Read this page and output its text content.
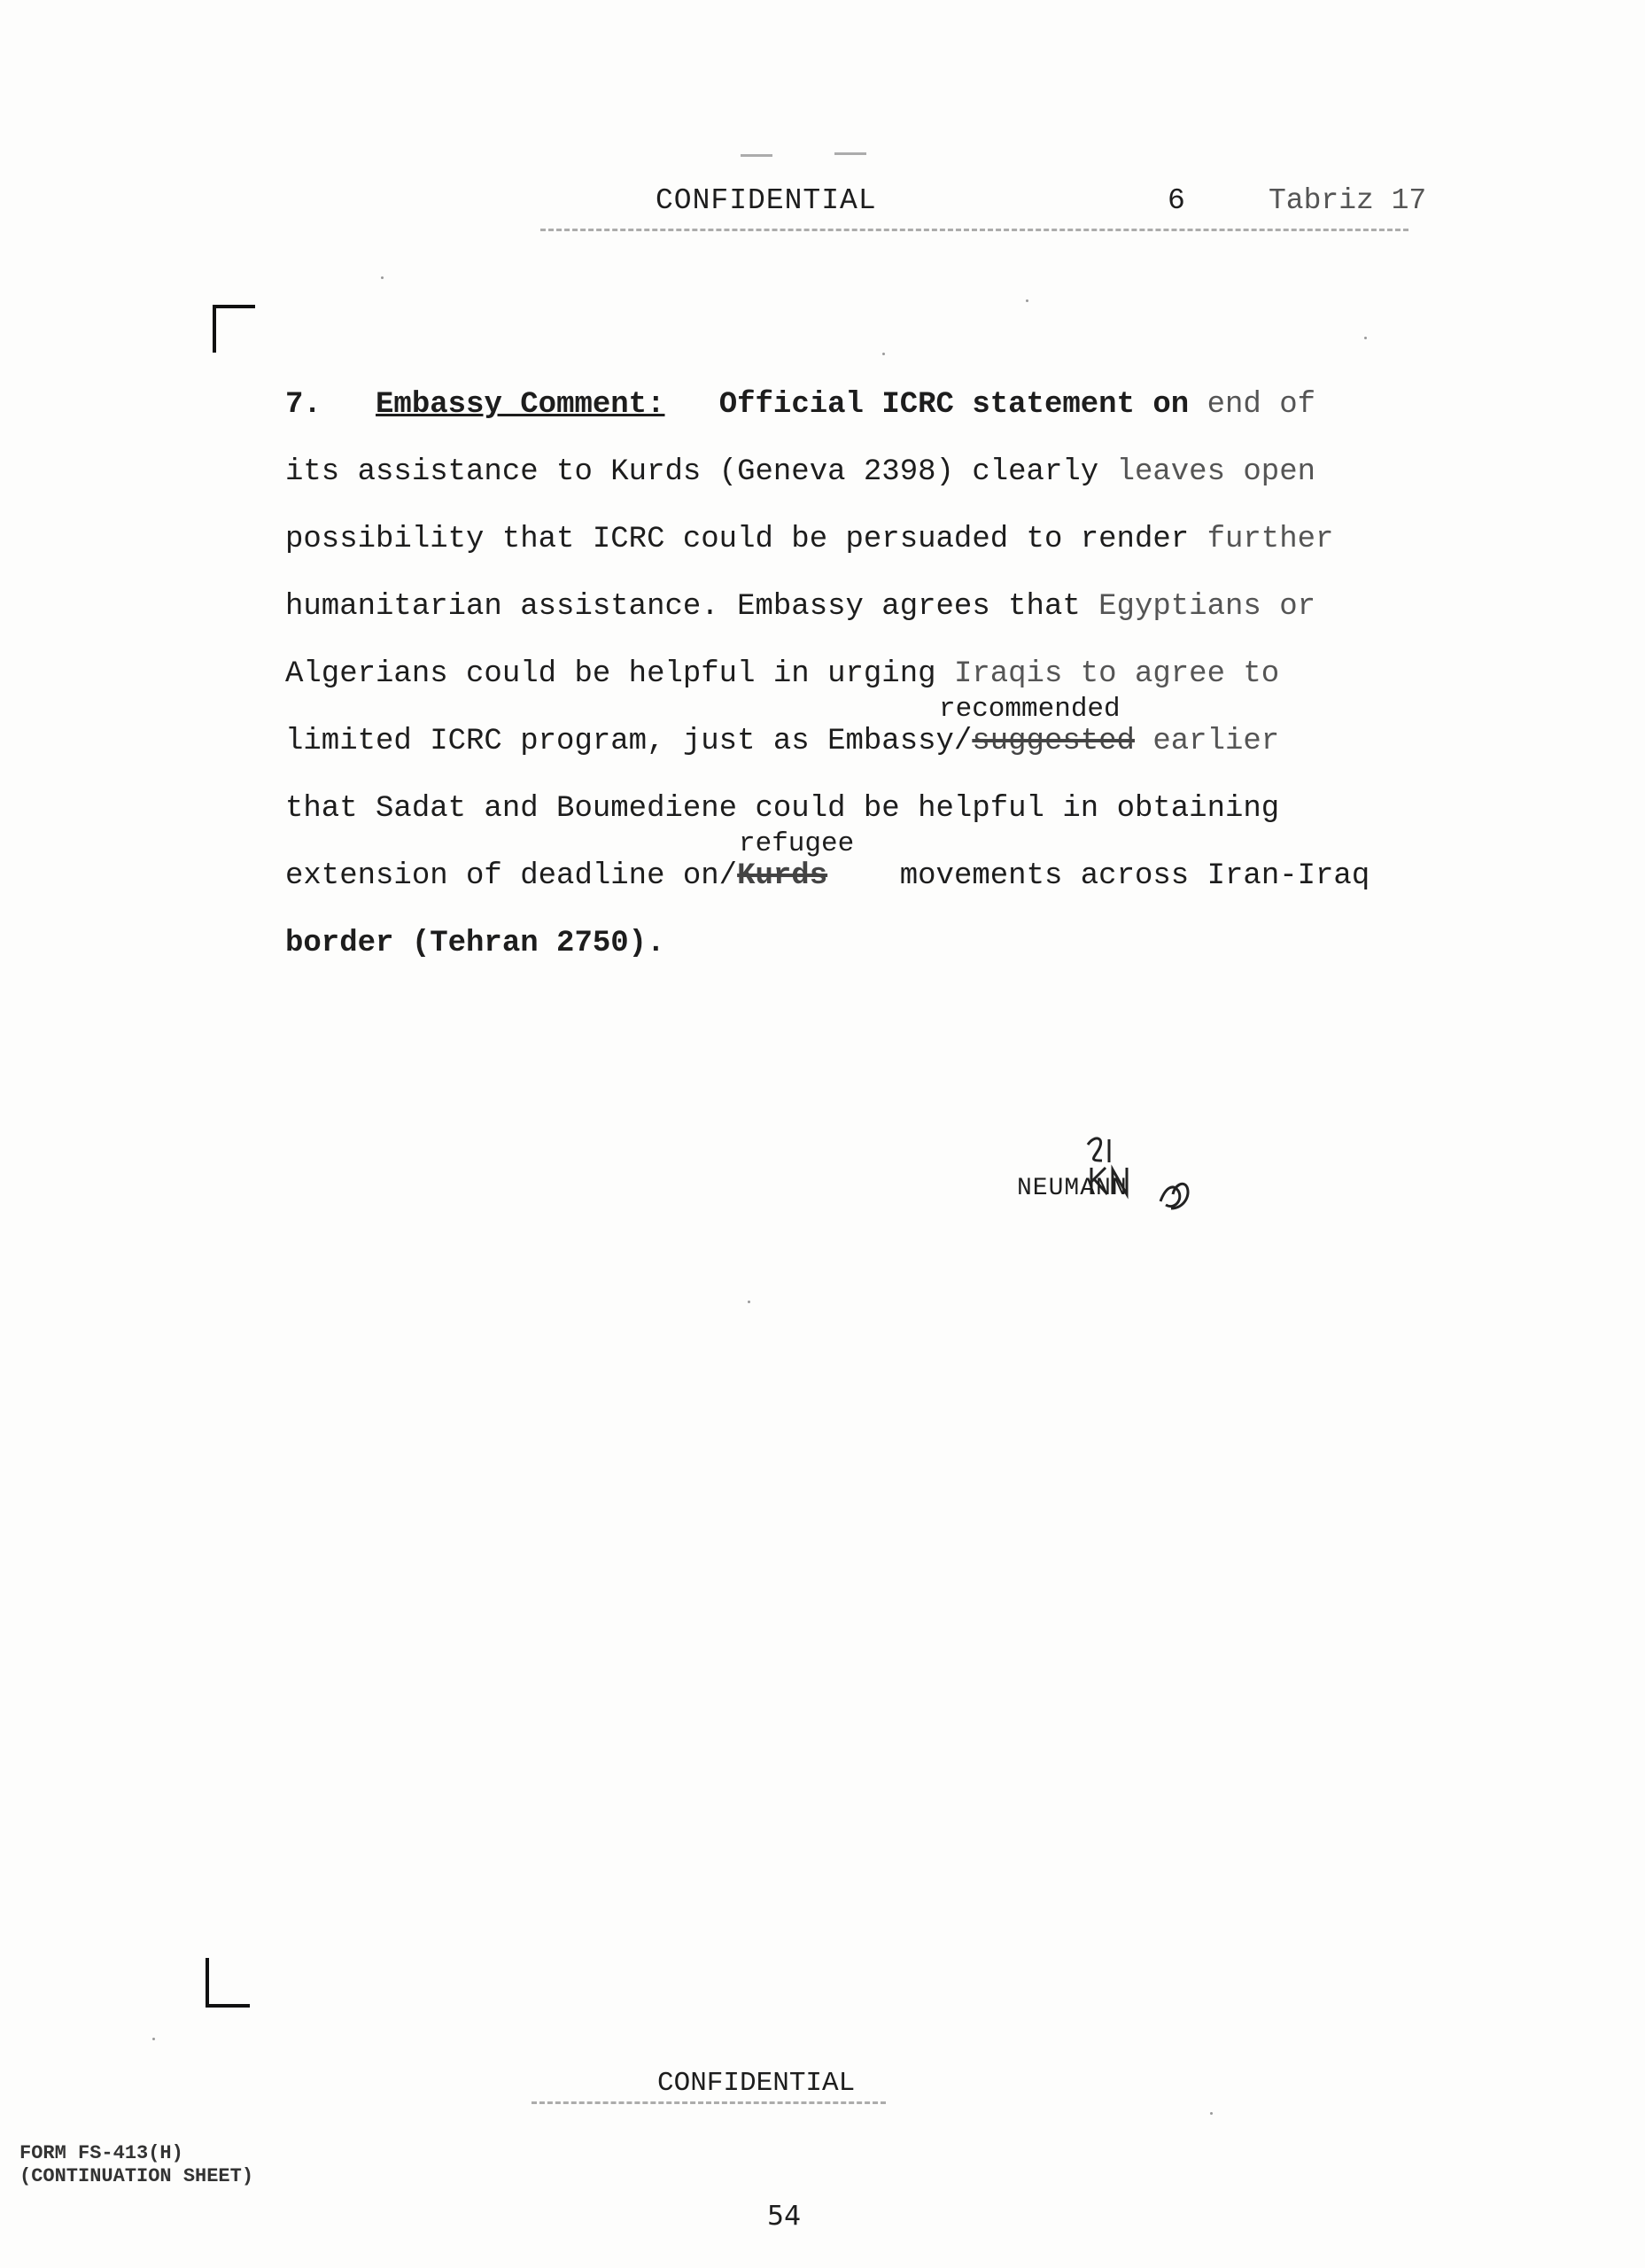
CONFIDENTIAL	6	Tabriz 17
7. Embassy Comment: Official ICRC statement on end of
its assistance to Kurds (Geneva 2398) clearly leaves open
possibility that ICRC could be persuaded to render further
humanitarian assistance. Embassy agrees that Egyptians or
Algerians could be helpful in urging Iraqis to agree to
recommended
limited ICRC program, just as Embassy/suggested earlier
that Sadat and Boumediene could be helpful in obtaining
refugee
extension of deadline on/Kurds movements across Iran-Iraq
border (Tehran 2750).
NEUMANN
CONFIDENTIAL
FORM FS-413(H)
(CONTINUATION SHEET)
54
